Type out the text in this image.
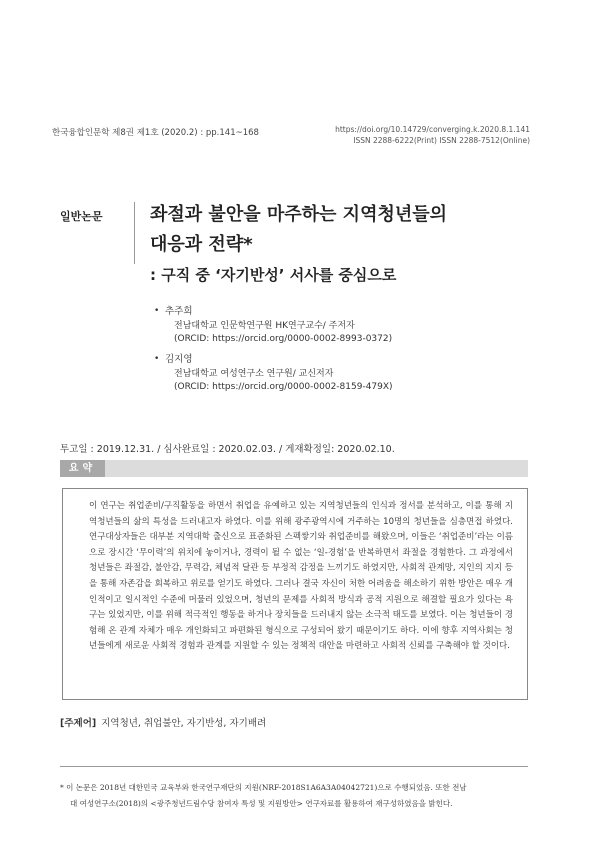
한국융합인문학 제8권 제1호 (2020.2) : pp.141~168	https://doi.org/10.14729/converging.k.2020.8.1.141
ISSN 2288-6222(Print) ISSN 2288-7512(Online)
일반논문	좌절과 불안을 마주하는 지역청년들의
대응과 전략*
: 구직 중 ‘자기반성’ 서사를 중심으로
• 추주희
전남대학교 인문학연구원 HK연구교수/ 주저자
(ORCID: https://orcid.org/0000-0002-8993-0372)
• 김지영
전남대학교 여성연구소 연구원/ 교신저자
(ORCID: https://orcid.org/0000-0002-8159-479X)
투고일 : 2019.12.31. / 심사완료일 : 2020.02.03. / 게재확정일: 2020.02.10.
요약

이 연구는 취업준비/구직활동을 하면서 취업을 유예하고 있는 지역청년들의 인식과 정서를 분석하고, 이를 통해 지역청년들의 삶의 특성을 드러내고자 하였다. 이를 위해 광주광역시에 거주하는 10명의 청년들을 심층면접 하였다. 연구대상자들은 대부분 지역대학 출신으로 표준화된 스펙쌓기와 취업준비를 해왔으며, 이들은 ‘취업준비’라는 이름으로 장시간 ‘무이력’의 위치에 놓이거나, 경력이 될 수 없는 ‘일-경험’을 반복하면서 좌절을 경험한다. 그 과정에서 청년들은 좌절감, 불안감, 무력감, 체념적 달관 등 부정적 감정을 느끼기도 하였지만, 사회적 관계망, 지인의 지지 등을 통해 자존감을 회복하고 위로를 얻기도 하였다. 그러나 결국 자신이 처한 어려움을 해소하기 위한 방안은 매우 개인적이고 일시적인 수준에 머물러 있었으며, 청년의 문제를 사회적 방식과 공적 지원으로 해결할 필요가 있다는 욕구는 있었지만, 이를 위해 적극적인 행동을 하거나 장치들을 드러내지 않는 소극적 태도를 보였다. 이는 청년들이 경험해 온 관계 자체가 매우 개인화되고 파편화된 형식으로 구성되어 왔기 때문이기도 하다. 이에 향후 지역사회는 청년들에게 새로운 사회적 경험과 관계를 지원할 수 있는 정책적 대안을 마련하고 사회적 신뢰를 구축해야 할 것이다.

[주제어] 지역청년, 취업불안, 자기반성, 자기배려
* 이 논문은 2018년 대한민국 교육부와 한국연구재단의 지원(NRF-2018S1A6A3A04042721)으로 수행되었음. 또한 전남
대 여성연구소(2018)의 <광주청년드림수당 참여자 특성 및 지원방안> 연구자료를 활용하여 재구성하였음을 밝힌다.
